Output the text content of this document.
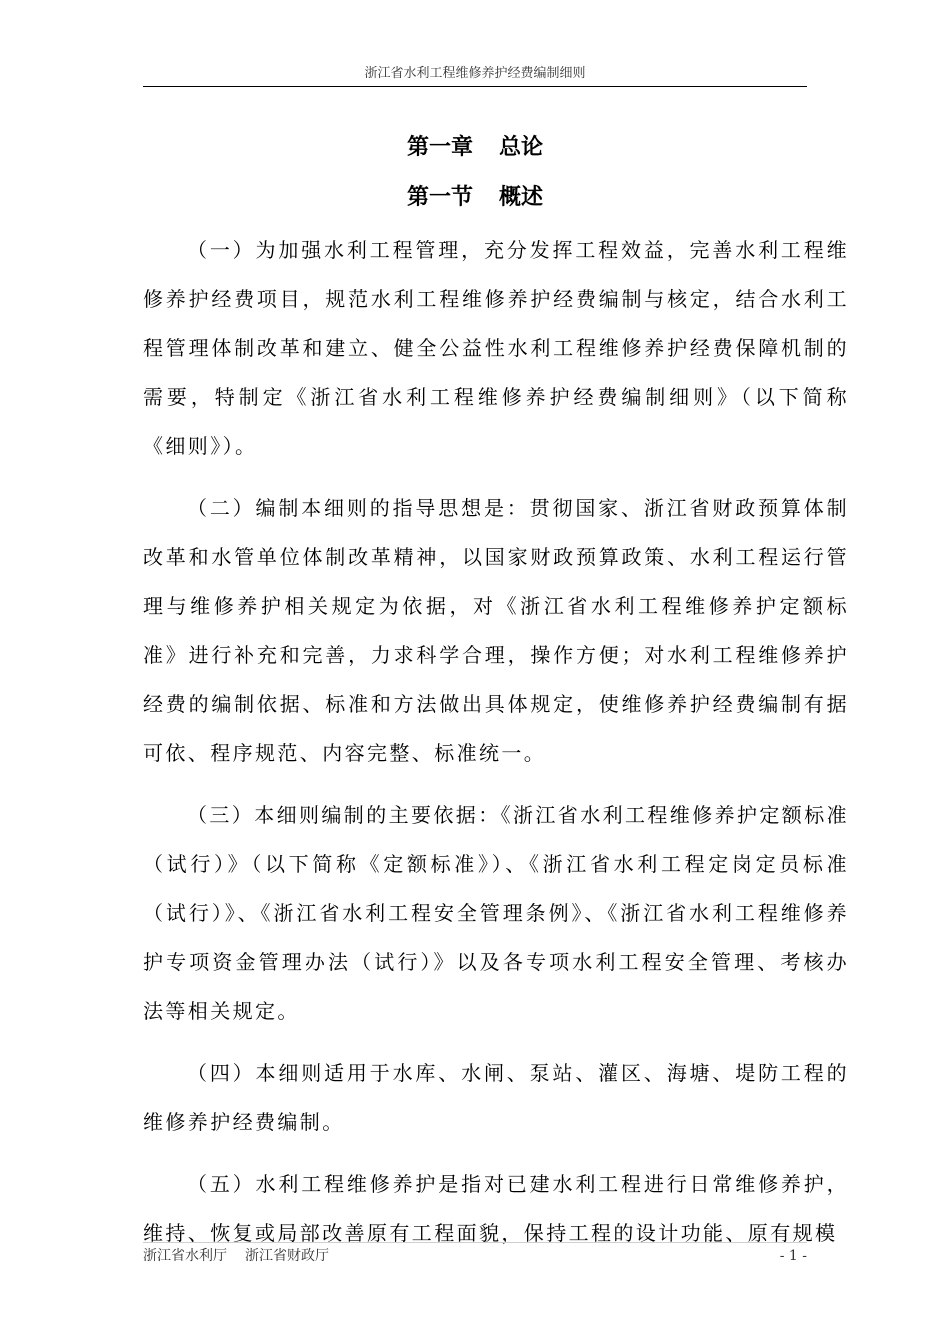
浙江省水利工程维修养护经费编制细则
第一章 总论
第一节 概述

（一）为加强水利工程管理，充分发挥工程效益，完善水利工程维修养护经费项目，规范水利工程维修养护经费编制与核定，结合水利工程管理体制改革和建立、健全公益性水利工程维修养护经费保障机制的需要，特制定《浙江省水利工程维修养护经费编制细则》（以下简称《细则》）。

（二）编制本细则的指导思想是：贯彻国家、浙江省财政预算体制改革和水管单位体制改革精神，以国家财政预算政策、水利工程运行管理与维修养护相关规定为依据，对《浙江省水利工程维修养护定额标准》进行补充和完善，力求科学合理，操作方便；对水利工程维修养护经费的编制依据、标准和方法做出具体规定，使维修养护经费编制有据可依、程序规范、内容完整、标准统一。

（三）本细则编制的主要依据：《浙江省水利工程维修养护定额标准（试行）》（以下简称《定额标准》）、《浙江省水利工程定岗定员标准（试行）》、《浙江省水利工程安全管理条例》、《浙江省水利工程维修养护专项资金管理办法（试行）》以及各专项水利工程安全管理、考核办法等相关规定。

（四）本细则适用于水库、水闸、泵站、灌区、海塘、堤防工程的维修养护经费编制。

（五）水利工程维修养护是指对已建水利工程进行日常维修养护，维持、恢复或局部改善原有工程面貌，保持工程的设计功能、原有规模

浙江省水利厅 浙江省财政厅	- 1 -
